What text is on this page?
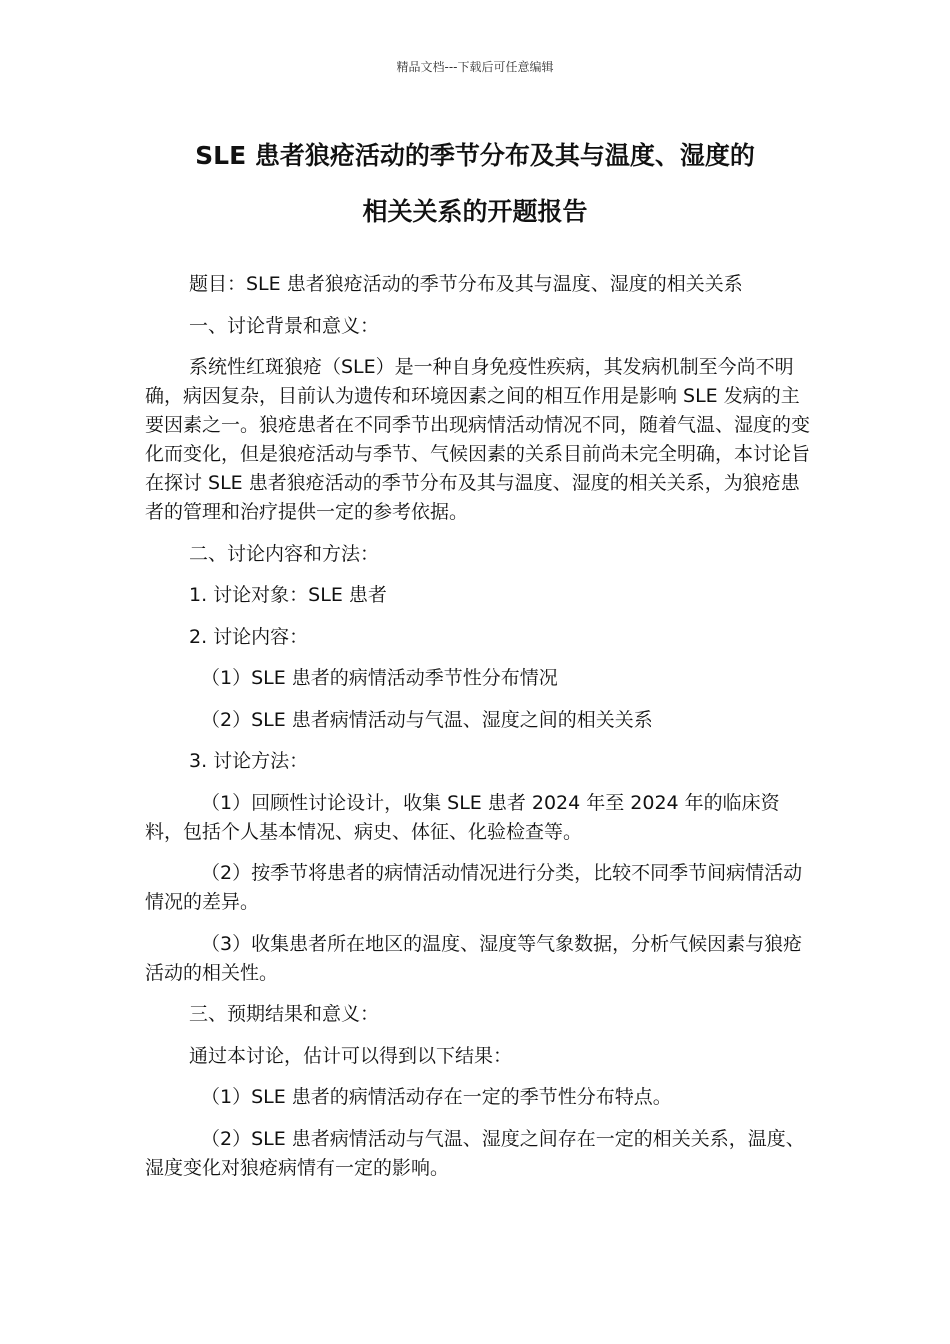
精品文档---下载后可任意编辑
SLE 患者狼疮活动的季节分布及其与温度、湿度的
相关关系的开题报告

题目：SLE 患者狼疮活动的季节分布及其与温度、湿度的相关关系

一、讨论背景和意义：

系统性红斑狼疮（SLE）是一种自身免疫性疾病，其发病机制至今尚不明确，病因复杂，目前认为遗传和环境因素之间的相互作用是影响 SLE 发病的主要因素之一。狼疮患者在不同季节出现病情活动情况不同，随着气温、湿度的变化而变化，但是狼疮活动与季节、气候因素的关系目前尚未完全明确，本讨论旨在探讨 SLE 患者狼疮活动的季节分布及其与温度、湿度的相关关系，为狼疮患者的管理和治疗提供一定的参考依据。

二、讨论内容和方法：

1. 讨论对象：SLE 患者

2. 讨论内容：

（1）SLE 患者的病情活动季节性分布情况

（2）SLE 患者病情活动与气温、湿度之间的相关关系

3. 讨论方法：

（1）回顾性讨论设计，收集 SLE 患者 2024 年至 2024 年的临床资料，包括个人基本情况、病史、体征、化验检查等。

（2）按季节将患者的病情活动情况进行分类，比较不同季节间病情活动情况的差异。

（3）收集患者所在地区的温度、湿度等气象数据，分析气候因素与狼疮活动的相关性。

三、预期结果和意义：

通过本讨论，估计可以得到以下结果：

（1）SLE 患者的病情活动存在一定的季节性分布特点。

（2）SLE 患者病情活动与气温、湿度之间存在一定的相关关系，温度、湿度变化对狼疮病情有一定的影响。
